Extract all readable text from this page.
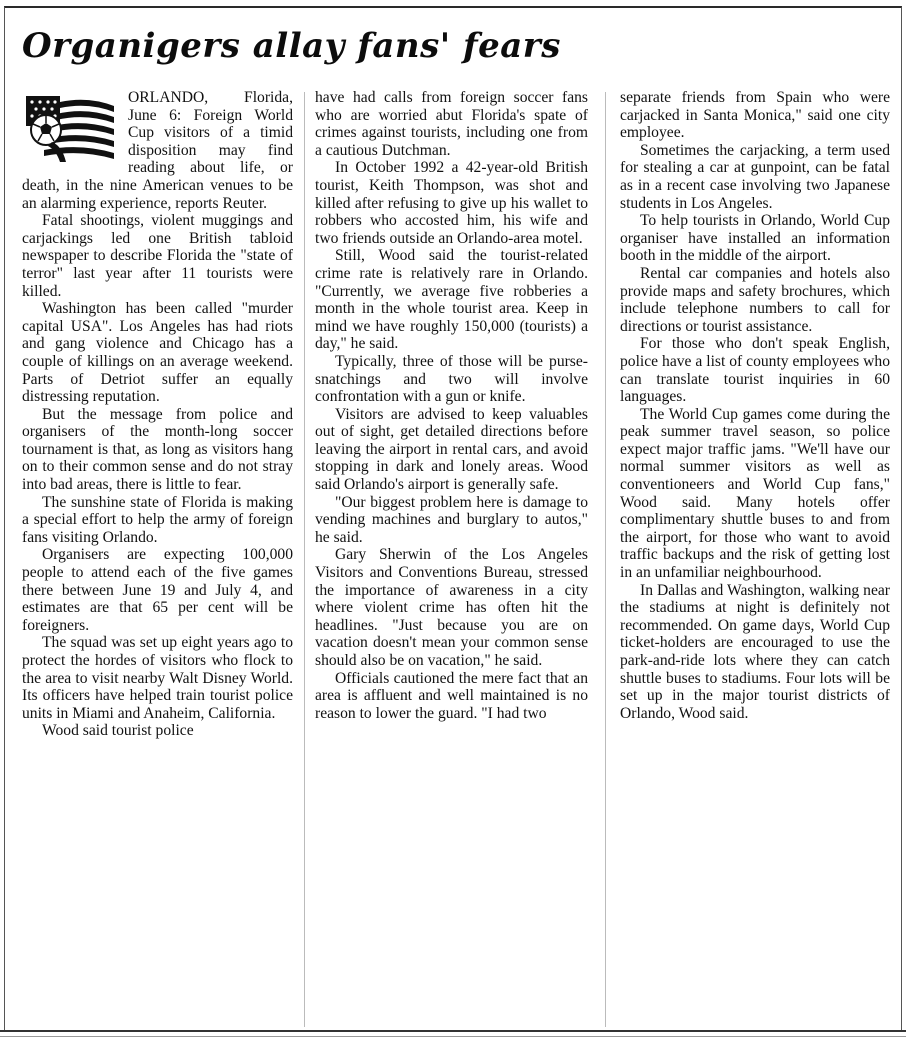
Organigers allay fans' fears

ORLANDO, Florida, June 6: Foreign World Cup visitors of a timid disposition may find reading about life, or death, in the nine American venues to be an alarming experience, reports Reuter.

Fatal shootings, violent muggings and carjackings led one British tabloid newspaper to describe Florida the "state of terror" last year after 11 tourists were killed.

Washington has been called "murder capital USA". Los Angeles has had riots and gang violence and Chicago has a couple of killings on an average weekend. Parts of Detriot suffer an equally distressing reputation.

But the message from police and organisers of the month-long soccer tournament is that, as long as visitors hang on to their common sense and do not stray into bad areas, there is little to fear.

The sunshine state of Florida is making a special effort to help the army of foreign fans visiting Orlando.

Organisers are expecting 100,000 people to attend each of the five games there between June 19 and July 4, and estimates are that 65 per cent will be foreigners.

The squad was set up eight years ago to protect the hordes of visitors who flock to the area to visit nearby Walt Disney World. Its officers have helped train tourist police units in Miami and Anaheim, California.

Wood said tourist police

have had calls from foreign soccer fans who are worried abut Florida's spate of crimes against tourists, including one from a cautious Dutchman.

In October 1992 a 42-year-old British tourist, Keith Thompson, was shot and killed after refusing to give up his wallet to robbers who accosted him, his wife and two friends outside an Orlando-area motel.

Still, Wood said the tourist-related crime rate is relatively rare in Orlando. "Currently, we average five robberies a month in the whole tourist area. Keep in mind we have roughly 150,000 (tourists) a day," he said.

Typically, three of those will be purse-snatchings and two will involve confrontation with a gun or knife.

Visitors are advised to keep valuables out of sight, get detailed directions before leaving the airport in rental cars, and avoid stopping in dark and lonely areas. Wood said Orlando's airport is generally safe.

"Our biggest problem here is damage to vending machines and burglary to autos," he said.

Gary Sherwin of the Los Angeles Visitors and Conventions Bureau, stressed the importance of awareness in a city where violent crime has often hit the headlines. "Just because you are on vacation doesn't mean your common sense should also be on vacation," he said.

Officials cautioned the mere fact that an area is affluent and well maintained is no reason to lower the guard. "I had two

separate friends from Spain who were carjacked in Santa Monica," said one city employee.

Sometimes the carjacking, a term used for stealing a car at gunpoint, can be fatal as in a recent case involving two Japanese students in Los Angeles.

To help tourists in Orlando, World Cup organiser have installed an information booth in the middle of the airport.

Rental car companies and hotels also provide maps and safety brochures, which include telephone numbers to call for directions or tourist assistance.

For those who don't speak English, police have a list of county employees who can translate tourist inquiries in 60 languages.

The World Cup games come during the peak summer travel season, so police expect major traffic jams. "We'll have our normal summer visitors as well as conventioneers and World Cup fans," Wood said. Many hotels offer complimentary shuttle buses to and from the airport, for those who want to avoid traffic backups and the risk of getting lost in an unfamiliar neighbourhood.

In Dallas and Washington, walking near the stadiums at night is definitely not recommended. On game days, World Cup ticket-holders are encouraged to use the park-and-ride lots where they can catch shuttle buses to stadiums. Four lots will be set up in the major tourist districts of Orlando, Wood said.
